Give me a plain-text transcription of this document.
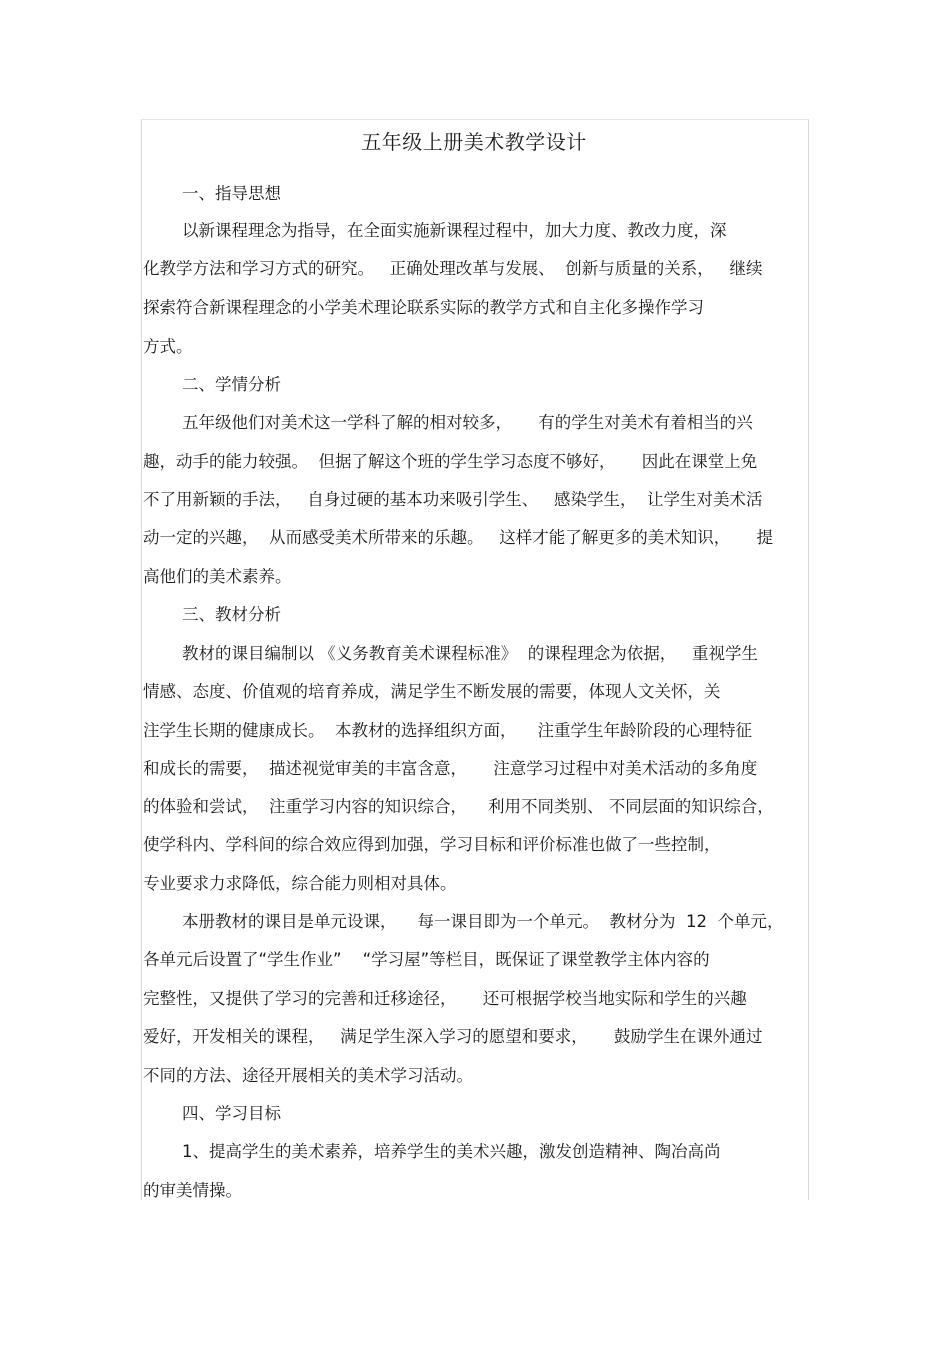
五年级上册美术教学设计

一、指导思想

以新课程理念为指导，在全面实施新课程过程中，加大力度、教改力度，深

化教学方法和学习方式的研究。   正确处理改革与发展、  创新与质量的关系，   继续

探索符合新课程理念的小学美术理论联系实际的教学方式和自主化多操作学习

方式。

二、学情分析

五年级他们对美术这一学科了解的相对较多，     有的学生对美术有着相当的兴

趣，动手的能力较强。  但据了解这个班的学生学习态度不够好，     因此在课堂上免

不了用新颖的手法，   自身过硬的基本功来吸引学生、   感染学生，  让学生对美术活

动一定的兴趣，  从而感受美术所带来的乐趣。   这样才能了解更多的美术知识，     提

高他们的美术素养。

三、教材分析

教材的课目编制以 《义务教育美术课程标准》  的课程理念为依据，   重视学生

情感、态度、价值观的培育养成，满足学生不断发展的需要，体现人文关怀，关

注学生长期的健康成长。  本教材的选择组织方面，    注重学生年龄阶段的心理特征

和成长的需要，  描述视觉审美的丰富含意，     注意学习过程中对美术活动的多角度

的体验和尝试，  注重学习内容的知识综合，    利用不同类别、 不同层面的知识综合，

使学科内、学科间的综合效应得到加强，学习目标和评价标准也做了一些控制，

专业要求力求降低，综合能力则相对具体。

本册教材的课目是单元设课，    每一课目即为一个单元。  教材分为  12  个单元，

各单元后设置了“学生作业”    “学习屋”等栏目，既保证了课堂教学主体内容的

完整性，又提供了学习的完善和迁移途径，     还可根据学校当地实际和学生的兴趣

爱好，开发相关的课程，   满足学生深入学习的愿望和要求，     鼓励学生在课外通过

不同的方法、途径开展相关的美术学习活动。

四、学习目标

1、提高学生的美术素养，培养学生的美术兴趣，激发创造精神、陶冶高尚

的审美情操。
